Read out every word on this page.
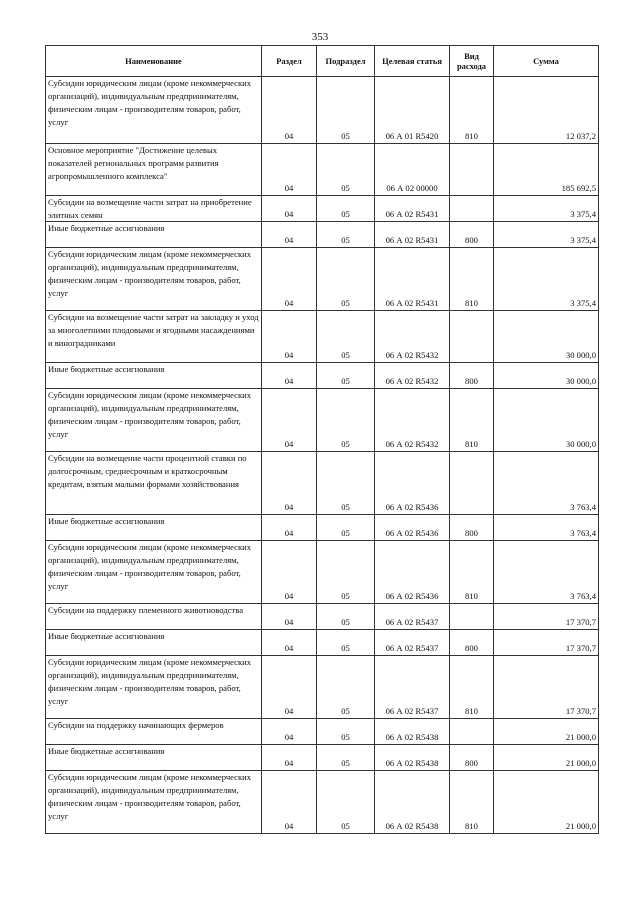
353
Наименование	Раздел	Подраздел	Целевая статья	Вид расхода	Сумма

Субсидии юридическим лицам (кроме некоммерческих организаций), индивидуальным предпринимателям, физическим лицам - производителям товаров, работ, услуг	04	05	06 А 01 R5420	810	12 037,2

Основное мероприятие "Достижение целевых показателей региональных программ развития агропромышленного комплекса"	04	05	06 А 02 00000		185 692,5

Субсидии на возмещение части затрат на приобретение элитных семян	04	05	06 А 02 R5431		3 375,4

Иные бюджетные ассигнования	04	05	06 А 02 R5431	800	3 375,4

Субсидии юридическим лицам (кроме некоммерческих организаций), индивидуальным предпринимателям, физическим лицам - производителям товаров, работ, услуг	04	05	06 А 02 R5431	810	3 375,4

Субсидии на возмещение части затрат на закладку и уход за многолетними плодовыми и ягодными насаждениями и виноградниками	04	05	06 А 02 R5432		30 000,0

Иные бюджетные ассигнования	04	05	06 А 02 R5432	800	30 000,0

Субсидии юридическим лицам (кроме некоммерческих организаций), индивидуальным предпринимателям, физическим лицам - производителям товаров, работ, услуг	04	05	06 А 02 R5432	810	30 000,0

Субсидии на возмещение части процентной ставки по долгосрочным, среднесрочным и краткосрочным кредитам, взятым малыми формами хозяйствования	04	05	06 А 02 R5436		3 763,4

Иные бюджетные ассигнования	04	05	06 А 02 R5436	800	3 763,4

Субсидии юридическим лицам (кроме некоммерческих организаций), индивидуальным предпринимателям, физическим лицам - производителям товаров, работ, услуг	04	05	06 А 02 R5436	810	3 763,4

Субсидии на поддержку племенного животноводства	04	05	06 А 02 R5437		17 370,7

Иные бюджетные ассигнования	04	05	06 А 02 R5437	800	17 370,7

Субсидии юридическим лицам (кроме некоммерческих организаций), индивидуальным предпринимателям, физическим лицам - производителям товаров, работ, услуг	04	05	06 А 02 R5437	810	17 370,7

Субсидии на поддержку начинающих фермеров	04	05	06 А 02 R5438		21 000,0

Иные бюджетные ассигнования	04	05	06 А 02 R5438	800	21 000,0

Субсидии юридическим лицам (кроме некоммерческих организаций), индивидуальным предпринимателям, физическим лицам - производителям товаров, работ, услуг	04	05	06 А 02 R5438	810	21 000,0
